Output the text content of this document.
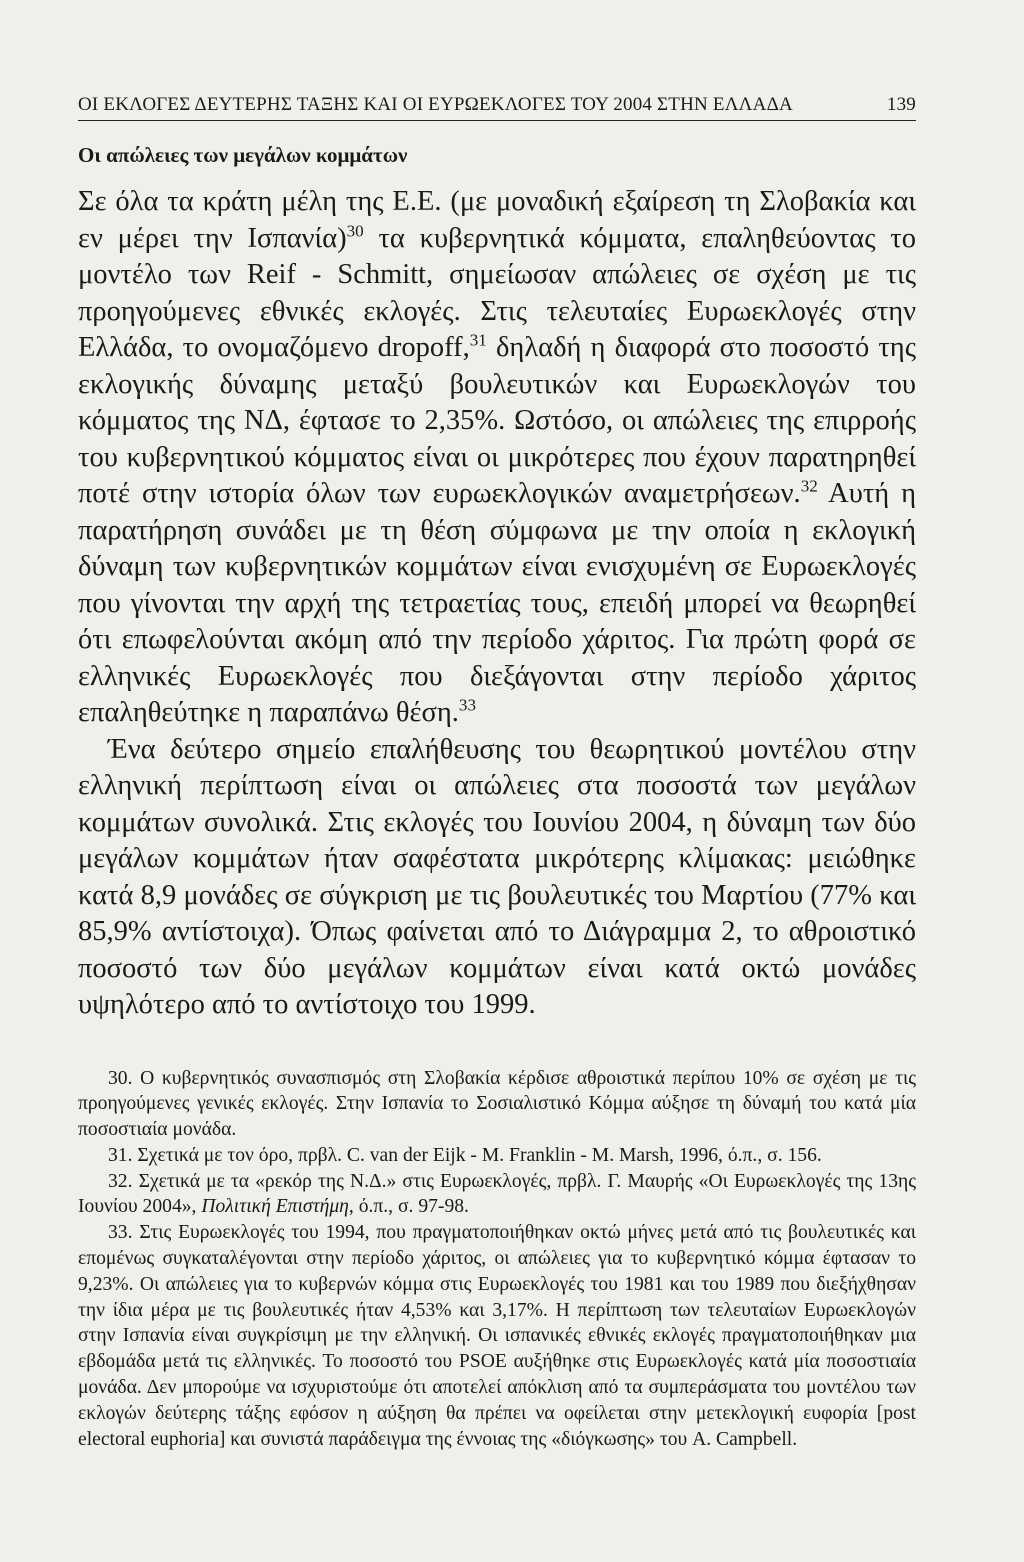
ΟΙ ΕΚΛΟΓΕΣ ΔΕΥΤΕΡΗΣ ΤΑΞΗΣ ΚΑΙ ΟΙ ΕΥΡΩΕΚΛΟΓΕΣ ΤΟΥ 2004 ΣΤΗΝ ΕΛΛΑΔΑ	139
Οι απώλειες των μεγάλων κομμάτων

Σε όλα τα κράτη μέλη της Ε.Ε. (με μοναδική εξαίρεση τη Σλοβακία και εν μέρει την Ισπανία)$^{30}$ τα κυβερνητικά κόμματα, επαληθεύοντας το μοντέλο των Reif - Schmitt, σημείωσαν απώλειες σε σχέση με τις προηγούμενες εθνικές εκλογές. Στις τελευταίες Ευρωεκλογές στην Ελλάδα, το ονομαζόμενο dropoff,$^{31}$ δηλαδή η διαφορά στο ποσοστό της εκλογικής δύναμης μεταξύ βουλευτικών και Ευρωεκλογών του κόμματος της ΝΔ, έφτασε το 2,35%. Ωστόσο, οι απώλειες της επιρροής του κυβερνητικού κόμματος είναι οι μικρότερες που έχουν παρατηρηθεί ποτέ στην ιστορία όλων των ευρωεκλογικών αναμετρήσεων.$^{32}$ Αυτή η παρατήρηση συνάδει με τη θέση σύμφωνα με την οποία η εκλογική δύναμη των κυβερνητικών κομμάτων είναι ενισχυμένη σε Ευρωεκλογές που γίνονται την αρχή της τετραετίας τους, επειδή μπορεί να θεωρηθεί ότι επωφελούνται ακόμη από την περίοδο χάριτος. Για πρώτη φορά σε ελληνικές Ευρωεκλογές που διεξάγονται στην περίοδο χάριτος επαληθεύτηκε η παραπάνω θέση.$^{33}$

Ένα δεύτερο σημείο επαλήθευσης του θεωρητικού μοντέλου στην ελληνική περίπτωση είναι οι απώλειες στα ποσοστά των μεγάλων κομμάτων συνολικά. Στις εκλογές του Ιουνίου 2004, η δύναμη των δύο μεγάλων κομμάτων ήταν σαφέστατα μικρότερης κλίμακας: μειώθηκε κατά 8,9 μονάδες σε σύγκριση με τις βουλευτικές του Μαρτίου (77% και 85,9% αντίστοιχα). Όπως φαίνεται από το Διάγραμμα 2, το αθροιστικό ποσοστό των δύο μεγάλων κομμάτων είναι κατά οκτώ μονάδες υψηλότερο από το αντίστοιχο του 1999.

30. Ο κυβερνητικός συνασπισμός στη Σλοβακία κέρδισε αθροιστικά περίπου 10% σε σχέση με τις προηγούμενες γενικές εκλογές. Στην Ισπανία το Σοσιαλιστικό Κόμμα αύξησε τη δύναμή του κατά μία ποσοστιαία μονάδα.

31. Σχετικά με τον όρο, πρβλ. C. van der Eijk - M. Franklin - M. Marsh, 1996, ό.π., σ. 156.

32. Σχετικά με τα «ρεκόρ της Ν.Δ.» στις Ευρωεκλογές, πρβλ. Γ. Μαυρής «Οι Ευρωεκλογές της 13ης Ιουνίου 2004», Πολιτική Επιστήμη, ό.π., σ. 97-98.

33. Στις Ευρωεκλογές του 1994, που πραγματοποιήθηκαν οκτώ μήνες μετά από τις βουλευτικές και επομένως συγκαταλέγονται στην περίοδο χάριτος, οι απώλειες για το κυβερνητικό κόμμα έφτασαν το 9,23%. Οι απώλειες για το κυβερνών κόμμα στις Ευρωεκλογές του 1981 και του 1989 που διεξήχθησαν την ίδια μέρα με τις βουλευτικές ήταν 4,53% και 3,17%. Η περίπτωση των τελευταίων Ευρωεκλογών στην Ισπανία είναι συγκρίσιμη με την ελληνική. Οι ισπανικές εθνικές εκλογές πραγματοποιήθηκαν μια εβδομάδα μετά τις ελληνικές. Το ποσοστό του PSOE αυξήθηκε στις Ευρωεκλογές κατά μία ποσοστιαία μονάδα. Δεν μπορούμε να ισχυριστούμε ότι αποτελεί απόκλιση από τα συμπεράσματα του μοντέλου των εκλογών δεύτερης τάξης εφόσον η αύξηση θα πρέπει να οφείλεται στην μετεκλογική ευφορία [post electoral euphoria] και συνιστά παράδειγμα της έννοιας της «διόγκωσης» του A. Campbell.
